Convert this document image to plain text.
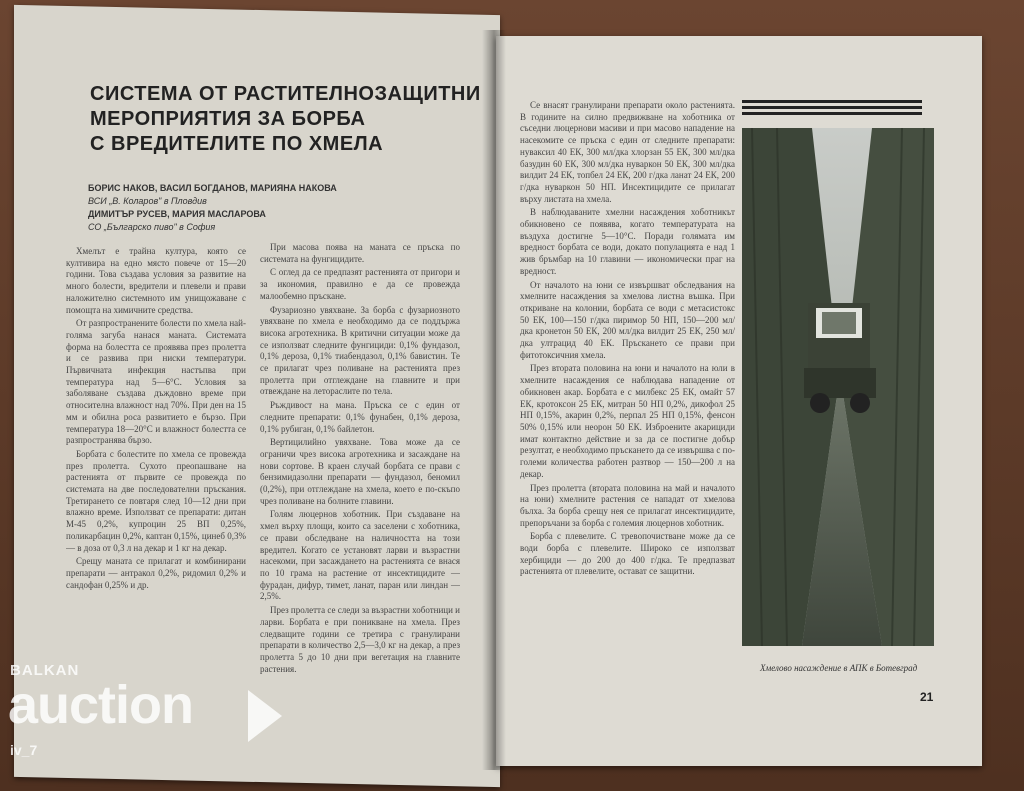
СИСТЕМА ОТ РАСТИТЕЛНОЗАЩИТНИ
МЕРОПРИЯТИЯ ЗА БОРБА
С ВРЕДИТЕЛИТЕ ПО ХМЕЛА
БОРИС НАКОВ, ВАСИЛ БОГДАНОВ, МАРИЯНА НАКОВА
ВСИ „В. Коларов" в Пловдив
ДИМИТЪР РУСЕВ, МАРИЯ МАСЛАРОВА
СО „Българско пиво" в София

Хмелът е трайна култура, която се култивира на едно място повече от 15—20 години. Това създава условия за развитие на много болести, вредители и плевели и прави наложително системното им унищожаване с помощта на химичните средства.

От разпространените болести по хмела най-голяма загуба нанася маната. Системата форма на болестта се проявява през пролетта и се развива при ниски температури. Първичната инфекция настъпва при температура над 5—6°С. Условия за заболяване създава дъждовно време при относителна влажност над 70%. При ден на 15 мм и обилна роса развитието е бързо. При температура 18—20°С и влажност болестта се разпространява бързо.

Борбата с болестите по хмела се провежда през пролетта. Сухото преопашване на растенията от първите се провежда по системата на две последователни пръскания. Третирането се повтаря след 10—12 дни при влажно време. Използват се препарати: дитан М-45 0,2%, купроцин 25 ВП 0,25%, поликарбацин 0,2%, каптан 0,15%, цинеб 0,3% — в доза от 0,3 л на декар и 1 кг на декар.

Срещу маната се прилагат и комбинирани препарати — антракол 0,2%, ридомил 0,2% и сандофан 0,25% и др.

При масова поява на маната се пръска по системата на фунгицидите.

С оглед да се предпазят растенията от пригори и за икономия, правилно е да се провежда малообемно пръскане.

Фузариозно увяхване. За борба с фузариозното увяхване по хмела е необходимо да се поддържа висока агротехника. В критични ситуации може да се използват следните фунгициди: 0,1% фундазол, 0,1% дероза, 0,1% тиабендазол, 0,1% бавистин. Те се прилагат чрез поливане на растенията през пролетта при отглеждане на главните и при отвеждане на летораслите по тела.

Ръждивост на мана. Пръска се с един от следните препарати: 0,1% фунабен, 0,1% дероза, 0,1% рубиган, 0,1% байлетон.

Вертицилийно увяхване. Това може да се ограничи чрез висока агротехника и засаждане на нови сортове. В краен случай борбата се прави с бензимидазолни препарати — фундазол, беномил (0,2%), при отглеждане на хмела, което е по-скъпо чрез поливане на болните главини.

Голям люцернов хоботник. При създаване на хмел върху площи, които са заселени с хоботника, се прави обследване на наличността на този вредител. Когато се установят ларви и възрастни насекоми, при засаждането на растенията се внася по 10 грама на растение от инсектицидите — фурадан, дифур, тимет, ланат, паран или линдан — 2,5%.

През пролетта се следи за възрастни хоботници и ларви. Борбата е при поникване на хмела. През следващите години се третира с гранулирани препарати в количество 2,5—3,0 кг на декар, а през пролетта 5 до 10 дни при вегетация на главните растения.

Се внасят гранулирани препарати около растенията. В годините на силно предвижване на хоботника от съседни люцернови масиви и при масово нападение на насекомите се пръска с един от следните препарати: нуваксил 40 ЕК, 300 мл/дка хлорзан 55 ЕК, 300 мл/дка базудин 60 ЕК, 300 мл/дка нуваркон 50 ЕК, 300 мл/дка вилдит 24 ЕК, топбел 24 ЕК, 200 г/дка ланат 24 ЕК, 200 г/дка нуваркон 50 НП. Инсектицидите се прилагат върху листата на хмела.

В наблюдаваните хмелни насаждения хоботникът обикновено се появява, когато температурата на въздуха достигне 5—10°С. Поради голямата им вредност борбата се води, докато популацията е над 1 жив бръмбар на 10 главини — икономически праг на вредност.

От началото на юни се извършват обследвания на хмелните насаждения за хмелова листна въшка. При откриване на колонии, борбата се води с метасистокс 50 ЕК, 100—150 г/дка пиримор 50 НП, 150—200 мл/дка кронетон 50 ЕК, 200 мл/дка вилдит 25 ЕК, 250 мл/дка ултрацид 40 ЕК. Пръскането се прави при фитотоксичния хмела.

През втората половина на юни и началото на юли в хмелните насаждения се наблюдава нападение от обикновен акар. Борбата е с милбекс 25 ЕК, омайт 57 ЕК, кротоксон 25 ЕК, митран 50 НП 0,2%, дикофол 25 НП 0,15%, акарин 0,2%, перпал 25 НП 0,15%, фенсон 50% 0,15% или неорон 50 ЕК. Изброените акарициди имат контактно действие и за да се постигне добър резултат, е необходимо пръскането да се извършва с по-големи количества работен разтвор — 150—200 л на декар.

През пролетта (втората половина на май и началото на юни) хмелните растения се нападат от хмелова бълха. За борба срещу нея се прилагат инсектицидите, препоръчани за борба с големия люцернов хоботник.

Борба с плевелите. С тревопочистване може да се води борба с плевелите. Широко се използват хербициди — до 200 до 400 г/дка. Те предпазват растенията от плевелите, остават се защитни.

Хмелово насаждение в АПК в Ботевград
21
BALKAN
auction
iv_7
